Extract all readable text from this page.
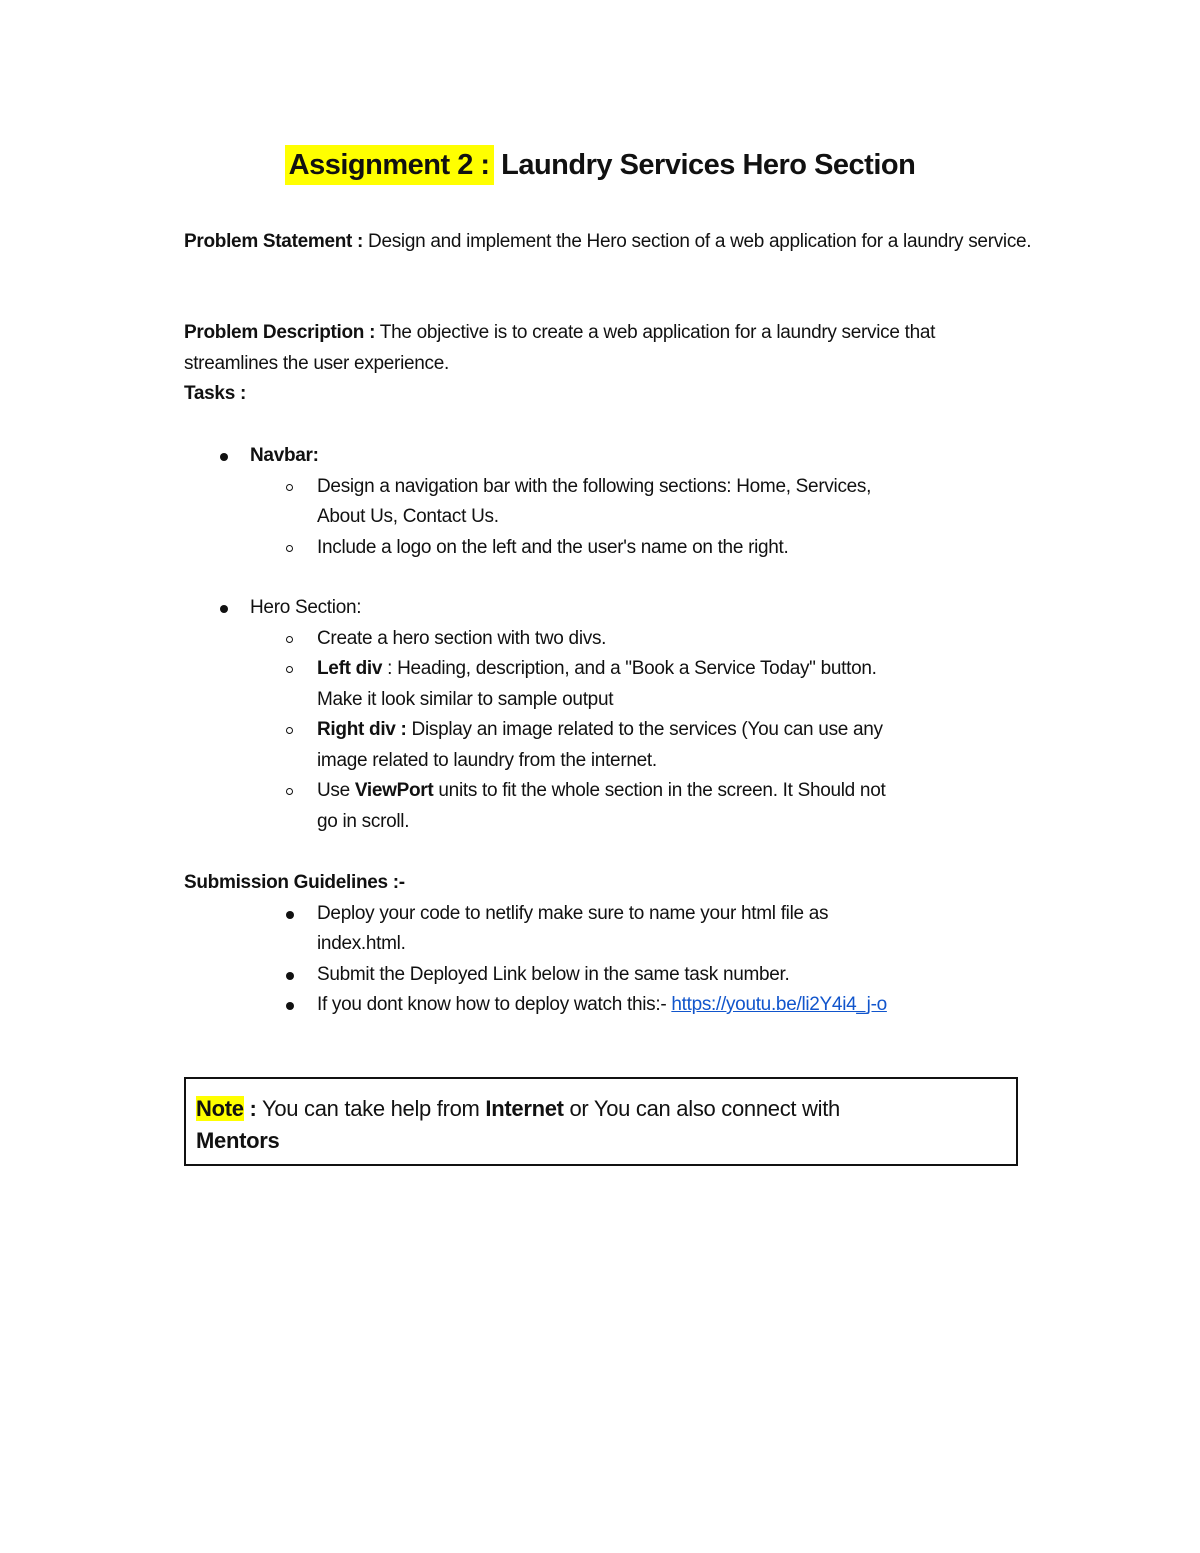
Assignment 2 : Laundry Services Hero Section
Problem Statement : Design and implement the Hero section of a web application for a laundry service.
Problem Description : The objective is to create a web application for a laundry service that streamlines the user experience.
Tasks :
Navbar:
Design a navigation bar with the following sections: Home, Services,
About Us, Contact Us.
Include a logo on the left and the user's name on the right.
Hero Section:
Create a hero section with two divs.
Left div : Heading, description, and a "Book a Service Today" button.
Make it look similar to sample output
Right div : Display an image related to the services (You can use any
image related to laundry from the internet.
Use ViewPort units to fit the whole section in the screen. It Should not
go in scroll.
Submission Guidelines :-
Deploy your code to netlify make sure to name your html file as
index.html.
Submit the Deployed Link below in the same task number.
If you dont know how to deploy watch this:- https://youtu.be/li2Y4i4_j-o
Note : You can take help from Internet or You can also connect with
Mentors
